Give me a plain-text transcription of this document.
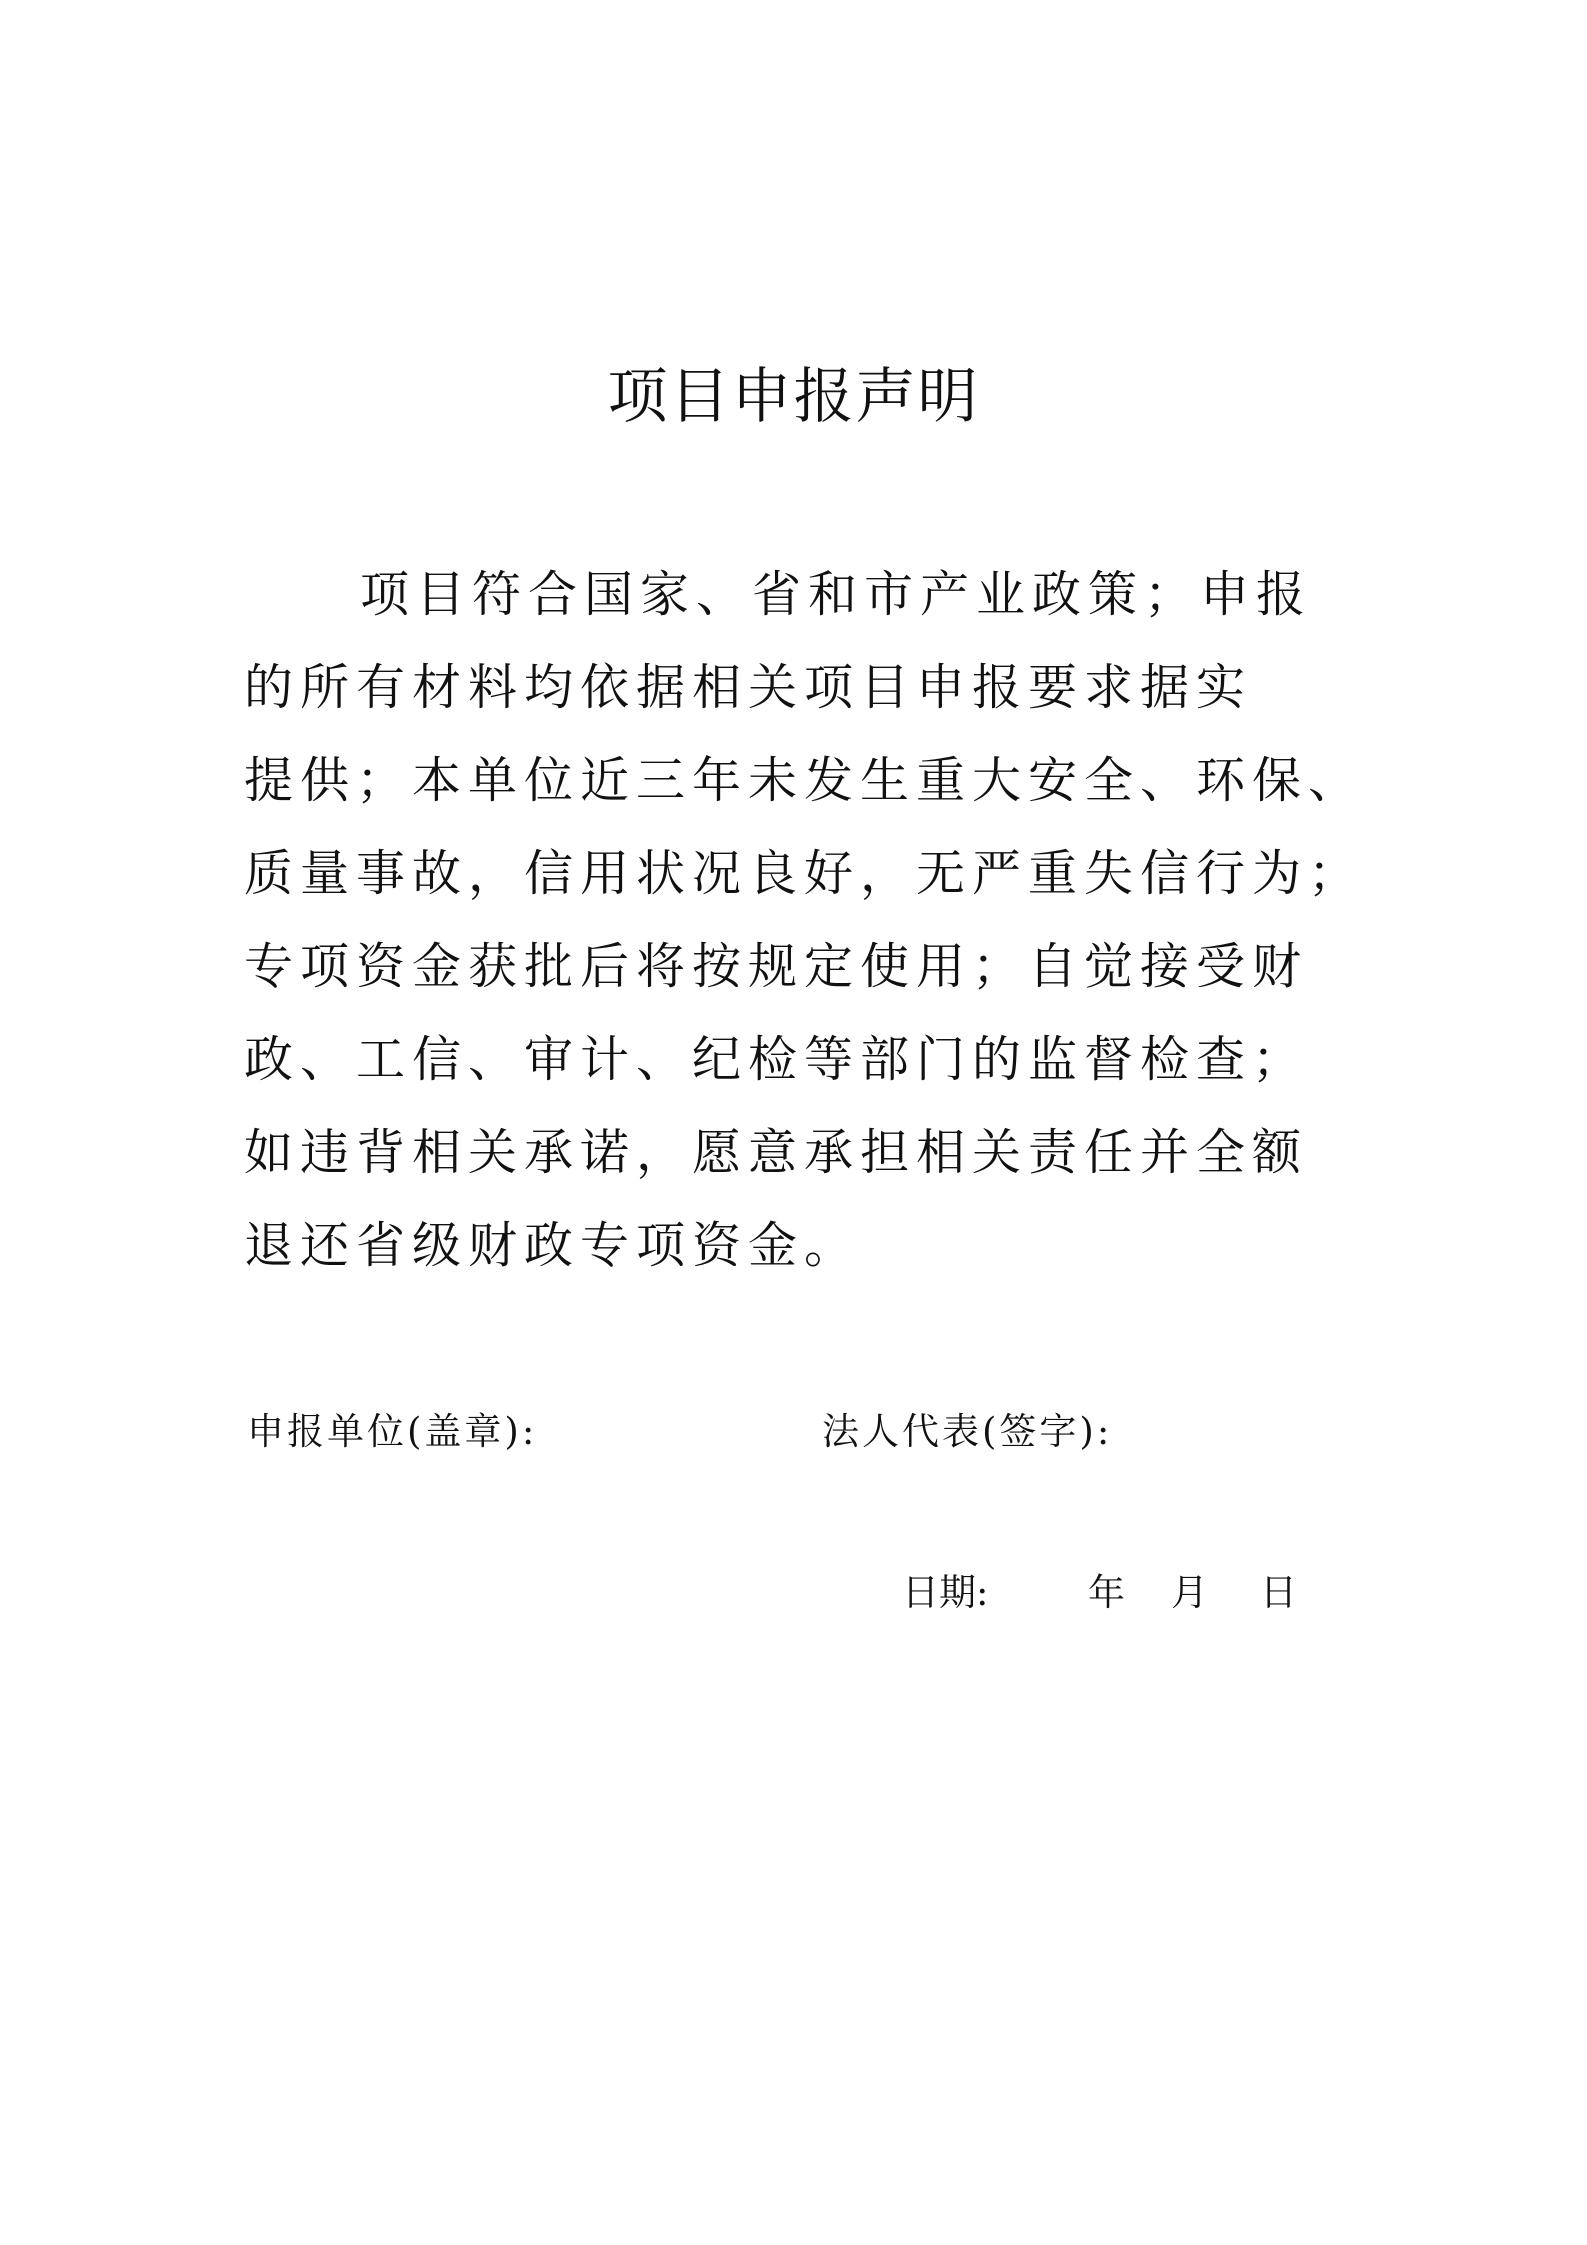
项目申报声明
项目符合国家、省和市产业政策；申报
的所有材料均依据相关项目申报要求据实
提供；本单位近三年未发生重大安全、环保、
质量事故，信用状况良好，无严重失信行为；
专项资金获批后将按规定使用；自觉接受财
政、工信、审计、纪检等部门的监督检查；
如违背相关承诺，愿意承担相关责任并全额
退还省级财政专项资金。
申报单位(盖章):	法人代表(签字):
日期:	年 月 日
